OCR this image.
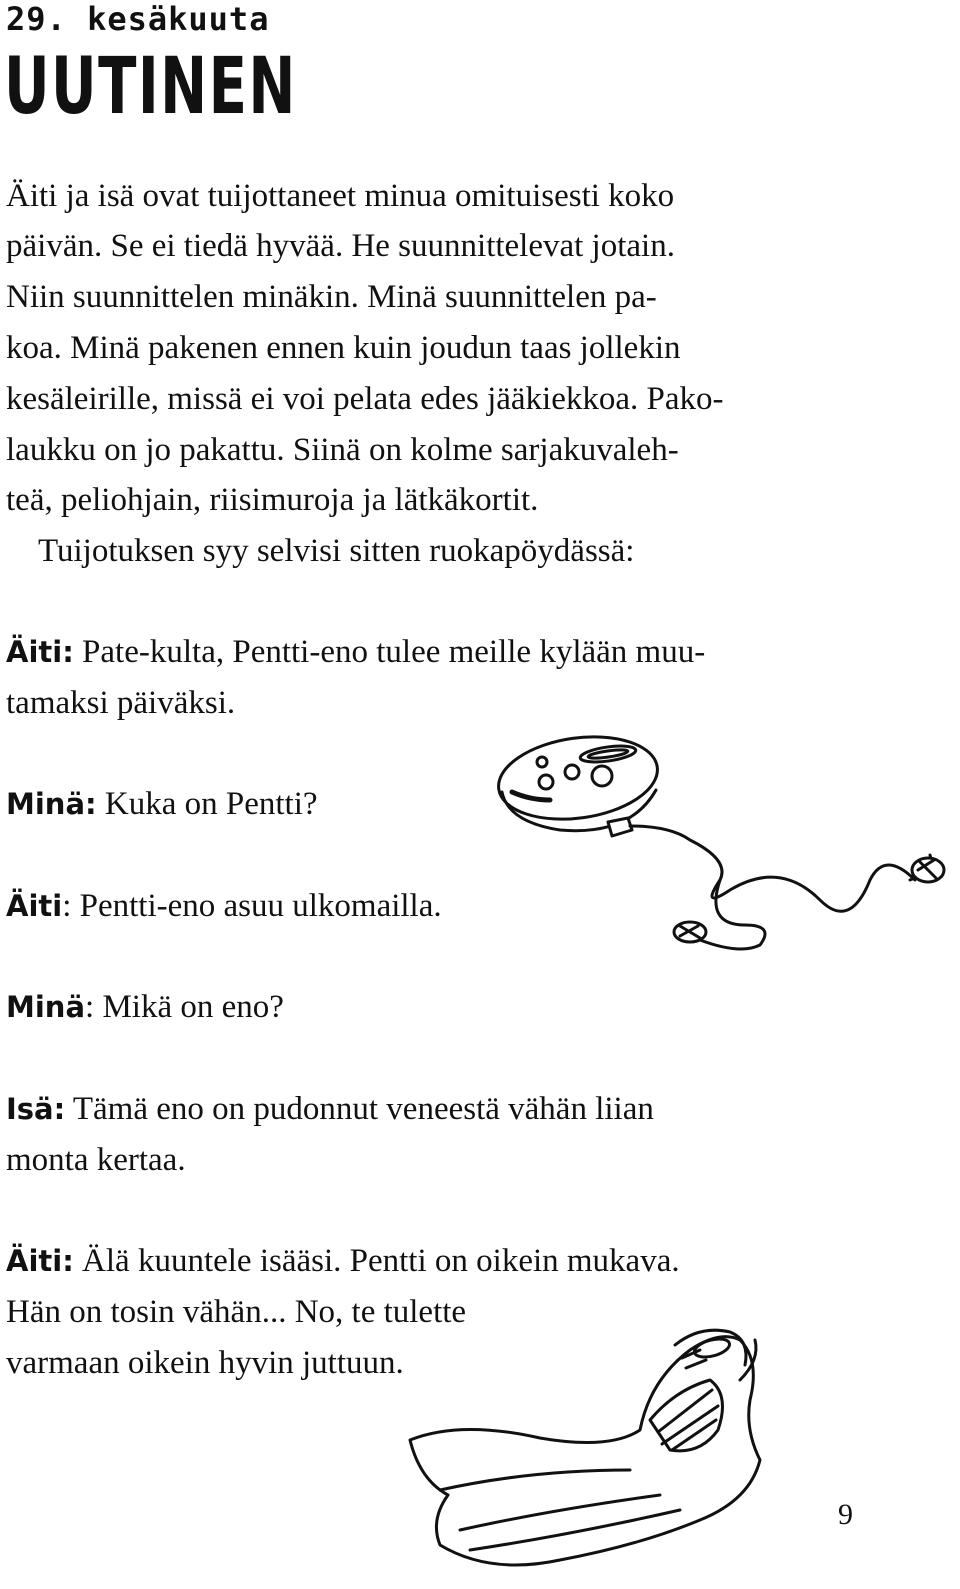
29. kesäkuuta
UUTINEN
Äiti ja isä ovat tuijottaneet minua omituisesti koko
päivän. Se ei tiedä hyvää. He suunnittelevat jotain.
Niin suunnittelen minäkin. Minä suunnittelen pa-
koa. Minä pakenen ennen kuin joudun taas jollekin
kesäleirille, missä ei voi pelata edes jääkiekkoa. Pako-
laukku on jo pakattu. Siinä on kolme sarjakuvaleh-
teä, peliohjain, riisimuroja ja lätkäkortit.
Tuijotuksen syy selvisi sitten ruokapöydässä:
Äiti: Pate-kulta, Pentti-eno tulee meille kylään muu-
tamaksi päiväksi.
Minä: Kuka on Pentti?
Äiti: Pentti-eno asuu ulkomailla.
Minä: Mikä on eno?
Isä: Tämä eno on pudonnut veneestä vähän liian
monta kertaa.
Äiti: Älä kuuntele isääsi. Pentti on oikein mukava.
Hän on tosin vähän... No, te tulette
varmaan oikein hyvin juttuun.
9
